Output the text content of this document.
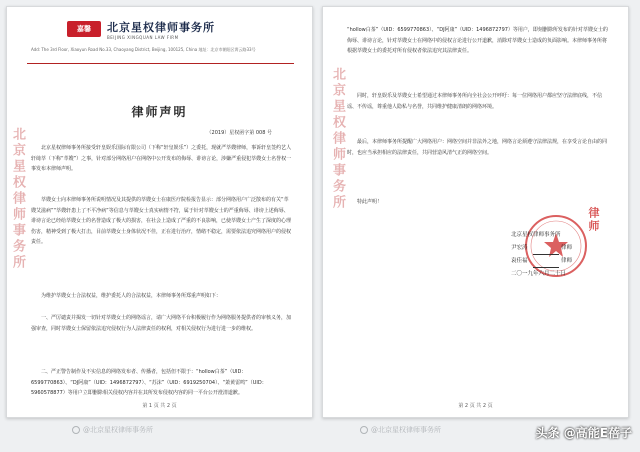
嘉馨	北京星权律师事务所
BEIJING XINGQUAN LAW FIRM
Add: The 3rd Floor, Xiaoyun Road No.33, Chaoyang District, Beijing, 100125, China 地址：北京市朝阳区霄云路33号
北京星权律师事务所
律师声明
（2019）星权函字第 008 号

北京星权律师事务所接受轩皇娱乐国际有限公司（下称“轩皇娱乐”）之委托，现就严萃嫂律师，事诉轩皇签约艺人轩绮萃（下称“萃嫂”）之事，针对部分网络用户在网络中公开发布的侮辱、诽谤言论，涉嫌严重侵犯萃嫂女士名誉权一事发布本律师声明。

萃嫂女士向本律师事务所说明情况及其提供的萃嫂女士在康医疗院检报告显示：部分网络用户广泛散布的有关“萃嫂艾滋病”“萃嫂轩患上了不平净病”等信息与萃嫂女士真实病情不符，属于针对萃嫂女士的严重侮辱、诽谤上述侮辱、诽谤言论已经给萃嫂女士的名誉造成了极大的损害，在社会上造成了严重的不良影响，已使萃嫂女士产生了深度的心理伤害，精神受到了极大打击，目前萃嫂女士身体状况不佳，正在进行治疗，情绪不稳定，需要依法追究网络用户的侵权责任。

为维护萃嫂女士合法权益，维护委托人的合法权益，本律师事务所郑重声明如下：

一、严厉谴责并揭发一切针对萃嫂女士的网络谣言，请广大网络平台积极履行作为网络服务提供者的审核义务，加强审查，同时萃嫂女士保留依法追究侵权行为人法律责任的权利，对相关侵权行为进行进一步的维权。

二、严正警告制作及不实信息的网络发布者、传播者，包括但不限于：“hollow白茶”（UID：6599770863）、“DJ阿康”（UID：1496872797）、“苏沫”（UID：6919250704）、“萧黄雷鸣”（UID：5960578877）等用户立即删除相关侵权内容并在其所发布侵权内容的同一平台公开澄清道歉。

第 1 页 共 2 页
北京星权律师事务所

“hollow白茶”（UID：6599770863）、“DJ阿康”（UID：1496872797）等用户，即刻删除所发布的针对萃嫂女士的侮辱、诽谤言论，针对萃嫂女士在网络中的侵权言论进行公开道歉，消除对萃嫂女士造成的负面影响。本律师事务所将根据萃嫂女士的委托对所有侵权者依法追究其法律责任。

同时，轩皇娱乐及萃嫂女士希望通过本律师事务所向全社会公开呼吁：每一位网络用户都应坚守法律底线，不信谣、不传谣，尊重他人隐私与名誉，共同维护健康清朗的网络环境。

最后，本律师事务所提醒广大网络用户：网络空间并非法外之地，网络言论须遵守法律法规，在享受言论自由的同时，也应当承担相应的法律责任，共同营造风清气正的网络空间。

特此声明！

律师
北京星权律师事务所
尹宏涛	律师
袁佳福	律师
二〇一九年六月二十日
第 2 页 共 2 页
@北京星权律师事务所	@北京星权律师事务所	头条 @高能E蓓子
